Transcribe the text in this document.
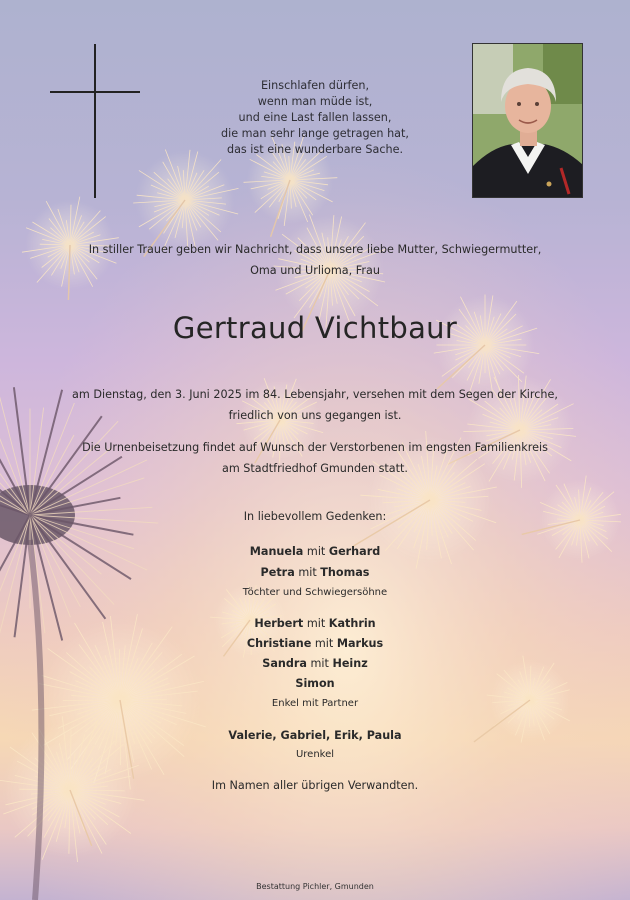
Einschlafen dürfen,
wenn man müde ist,
und eine Last fallen lassen,
die man sehr lange getragen hat,
das ist eine wunderbare Sache.
In stiller Trauer geben wir Nachricht, dass unsere liebe Mutter, Schwiegermutter,
Oma und Urlioma, Frau
Gertraud Vichtbaur
am Dienstag, den 3. Juni 2025 im 84. Lebensjahr, versehen mit dem Segen der Kirche,
friedlich von uns gegangen ist.
Die Urnenbeisetzung findet auf Wunsch der Verstorbenen im engsten Familienkreis
am Stadtfriedhof Gmunden statt.
In liebevollem Gedenken:
Manuela mit Gerhard
Petra mit Thomas
Töchter und Schwiegersöhne
Herbert mit Kathrin
Christiane mit Markus
Sandra mit Heinz
Simon
Enkel mit Partner
Valerie, Gabriel, Erik, Paula
Urenkel
Im Namen aller übrigen Verwandten.
Bestattung Pichler, Gmunden
